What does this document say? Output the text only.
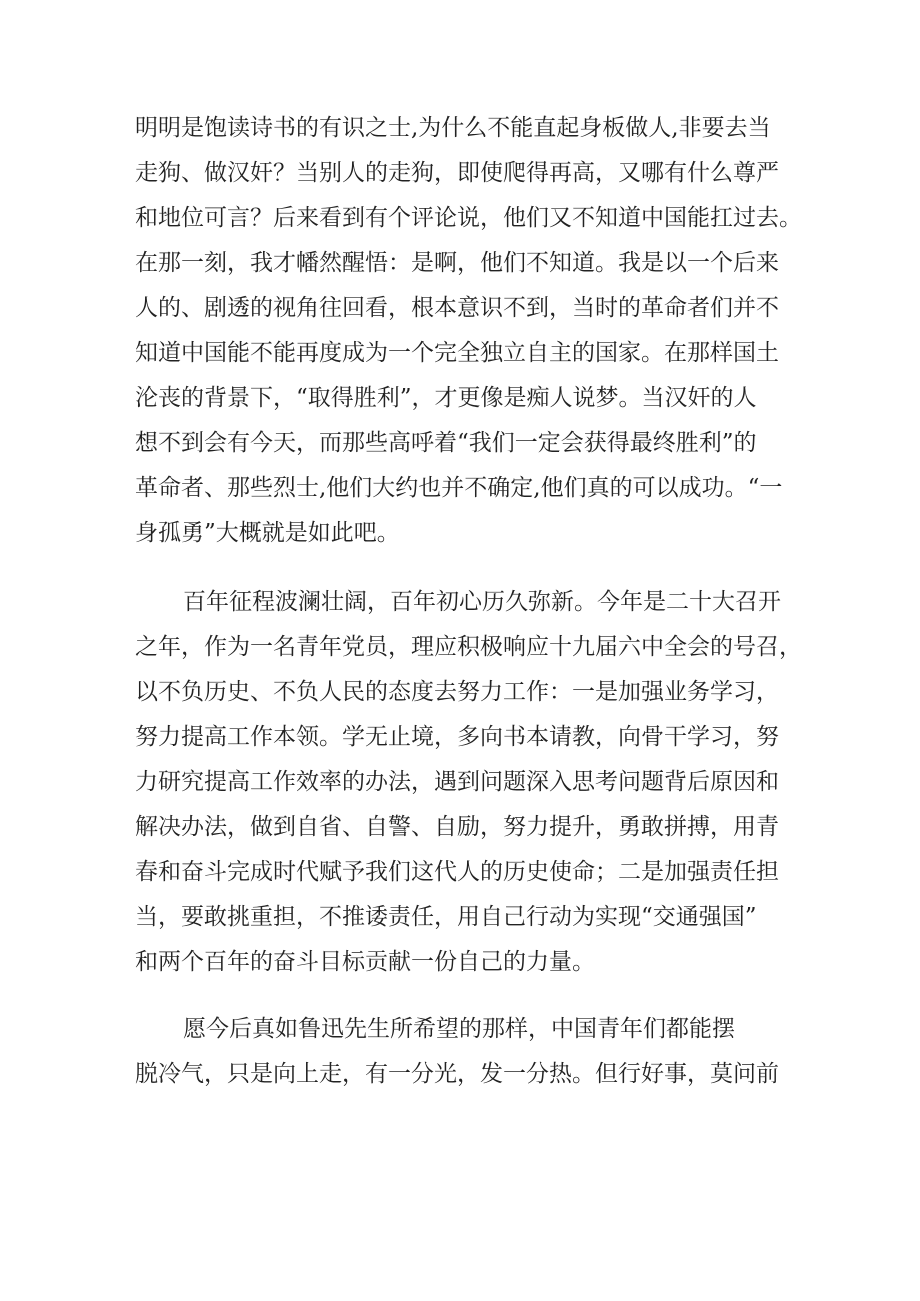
明明是饱读诗书的有识之士,为什么不能直起身板做人,非要去当
走狗、做汉奸？当别人的走狗，即使爬得再高，又哪有什么尊严
和地位可言？后来看到有个评论说，他们又不知道中国能扛过去。
在那一刻，我才幡然醒悟：是啊，他们不知道。我是以一个后来
人的、剧透的视角往回看，根本意识不到，当时的革命者们并不
知道中国能不能再度成为一个完全独立自主的国家。在那样国土
沦丧的背景下，“取得胜利”，才更像是痴人说梦。当汉奸的人
想不到会有今天，而那些高呼着“我们一定会获得最终胜利”的
革命者、那些烈士,他们大约也并不确定,他们真的可以成功。“一
身孤勇”大概就是如此吧。
百年征程波澜壮阔，百年初心历久弥新。今年是二十大召开
之年，作为一名青年党员，理应积极响应十九届六中全会的号召，
以不负历史、不负人民的态度去努力工作：一是加强业务学习，
努力提高工作本领。学无止境，多向书本请教，向骨干学习，努
力研究提高工作效率的办法，遇到问题深入思考问题背后原因和
解决办法，做到自省、自警、自励，努力提升，勇敢拼搏，用青
春和奋斗完成时代赋予我们这代人的历史使命；二是加强责任担
当，要敢挑重担，不推诿责任，用自己行动为实现“交通强国”
和两个百年的奋斗目标贡献一份自己的力量。
愿今后真如鲁迅先生所希望的那样，中国青年们都能摆
脱冷气，只是向上走，有一分光，发一分热。但行好事，莫问前
